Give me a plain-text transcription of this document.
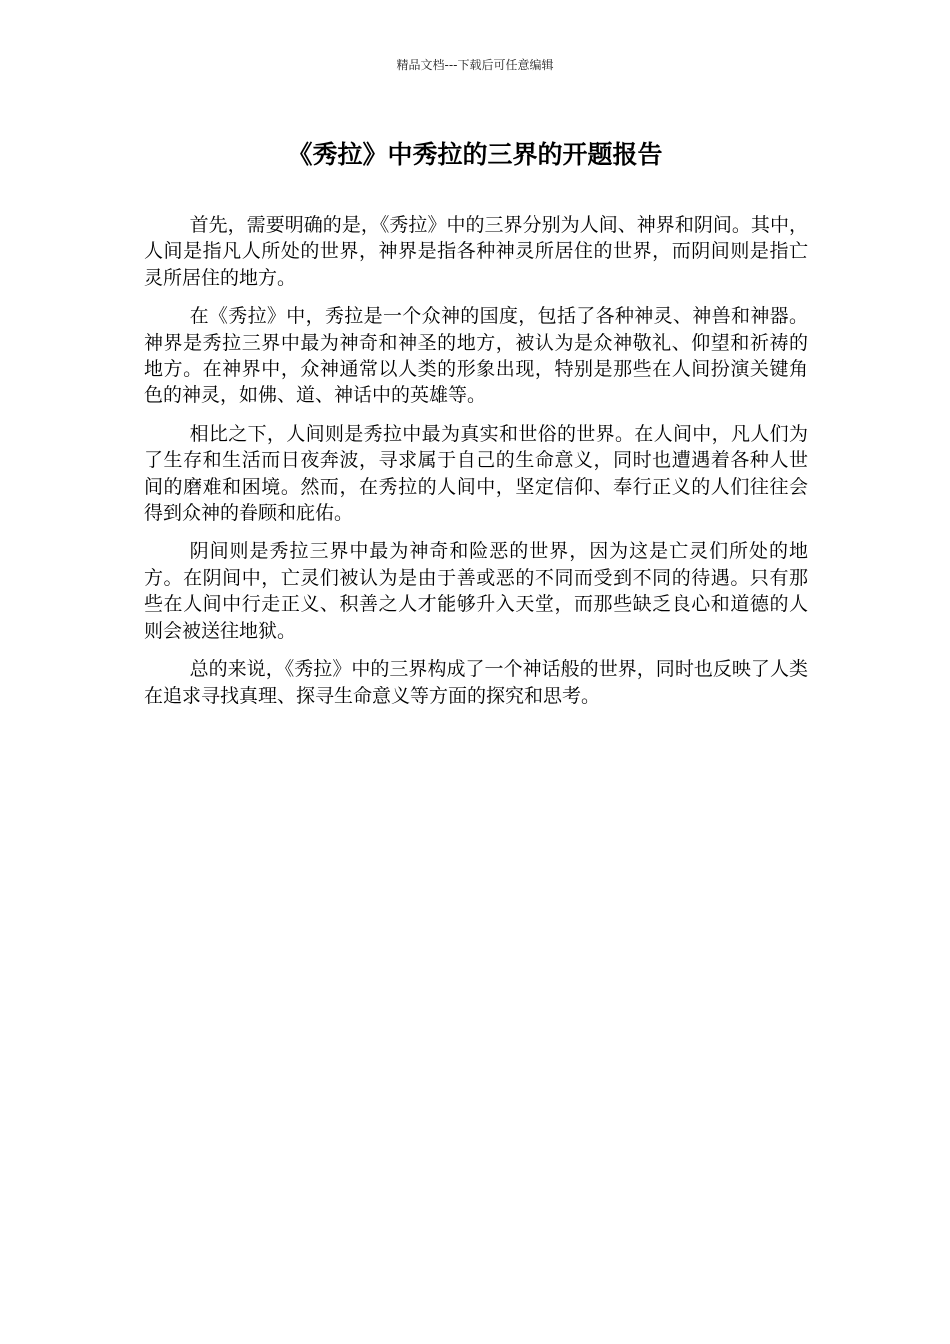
精品文档---下载后可任意编辑
《秀拉》中秀拉的三界的开题报告

首先，需要明确的是，《秀拉》中的三界分别为人间、神界和阴间。其中，人间是指凡人所处的世界，神界是指各种神灵所居住的世界，而阴间则是指亡灵所居住的地方。

在《秀拉》中，秀拉是一个众神的国度，包括了各种神灵、神兽和神器。神界是秀拉三界中最为神奇和神圣的地方，被认为是众神敬礼、仰望和祈祷的地方。在神界中，众神通常以人类的形象出现，特别是那些在人间扮演关键角色的神灵，如佛、道、神话中的英雄等。

相比之下，人间则是秀拉中最为真实和世俗的世界。在人间中，凡人们为了生存和生活而日夜奔波，寻求属于自己的生命意义，同时也遭遇着各种人世间的磨难和困境。然而，在秀拉的人间中，坚定信仰、奉行正义的人们往往会得到众神的眷顾和庇佑。

阴间则是秀拉三界中最为神奇和险恶的世界，因为这是亡灵们所处的地方。在阴间中，亡灵们被认为是由于善或恶的不同而受到不同的待遇。只有那些在人间中行走正义、积善之人才能够升入天堂，而那些缺乏良心和道德的人则会被送往地狱。

总的来说，《秀拉》中的三界构成了一个神话般的世界，同时也反映了人类在追求寻找真理、探寻生命意义等方面的探究和思考。
